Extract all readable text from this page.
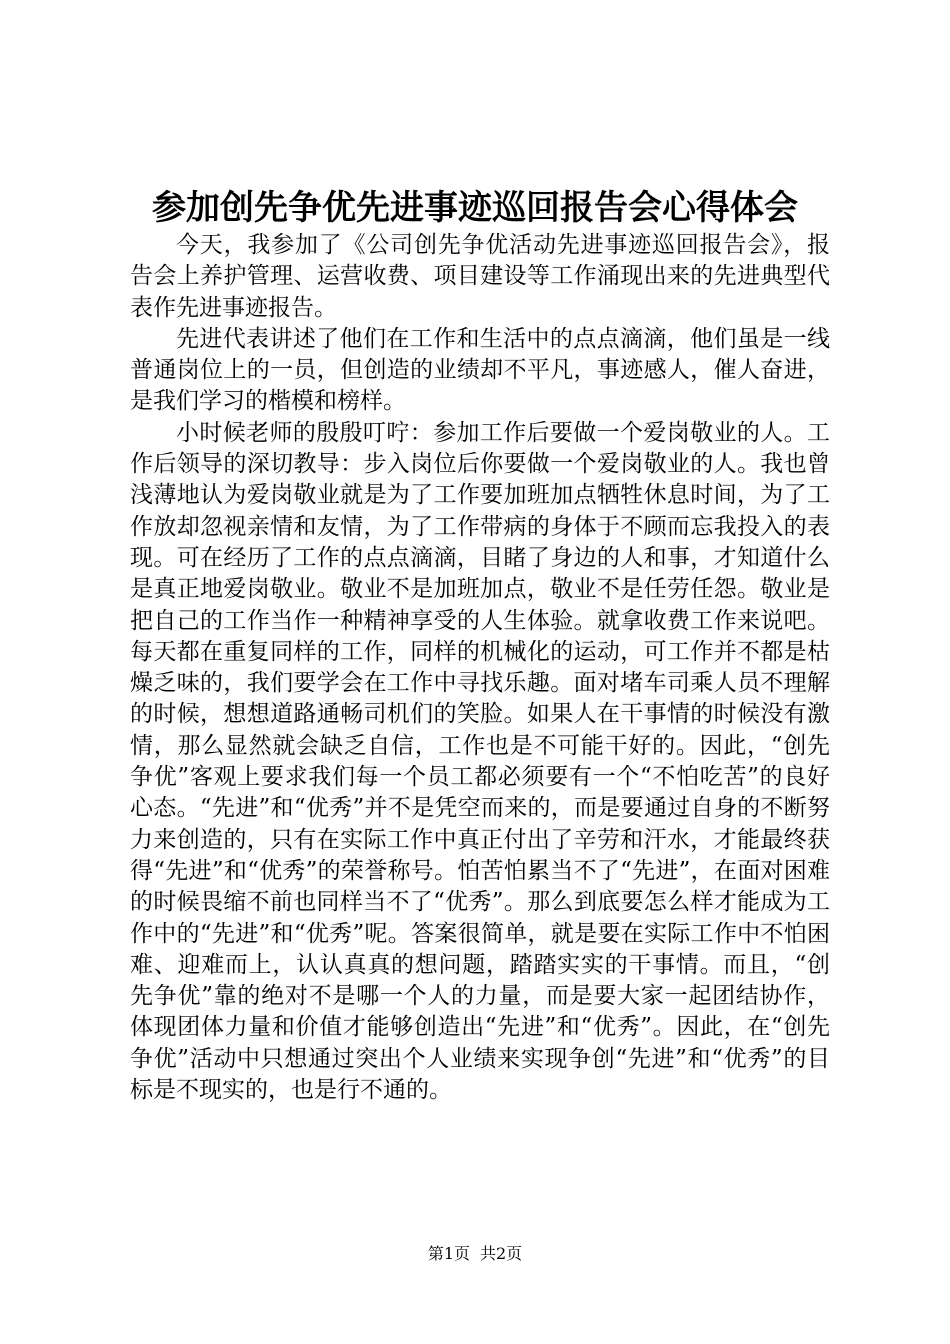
参加创先争优先进事迹巡回报告会心得体会

今天，我参加了《公司创先争优活动先进事迹巡回报告会》，报告会上养护管理、运营收费、项目建设等工作涌现出来的先进典型代表作先进事迹报告。

先进代表讲述了他们在工作和生活中的点点滴滴，他们虽是一线普通岗位上的一员，但创造的业绩却不平凡，事迹感人，催人奋进，是我们学习的楷模和榜样。

小时候老师的殷殷叮咛：参加工作后要做一个爱岗敬业的人。工作后领导的深切教导：步入岗位后你要做一个爱岗敬业的人。我也曾浅薄地认为爱岗敬业就是为了工作要加班加点牺牲休息时间，为了工作放却忽视亲情和友情，为了工作带病的身体于不顾而忘我投入的表现。可在经历了工作的点点滴滴，目睹了身边的人和事，才知道什么是真正地爱岗敬业。敬业不是加班加点，敬业不是任劳任怨。敬业是把自己的工作当作一种精神享受的人生体验。就拿收费工作来说吧。每天都在重复同样的工作，同样的机械化的运动，可工作并不都是枯燥乏味的，我们要学会在工作中寻找乐趣。面对堵车司乘人员不理解的时候，想想道路通畅司机们的笑脸。如果人在干事情的时候没有激情，那么显然就会缺乏自信，工作也是不可能干好的。因此，“创先争优”客观上要求我们每一个员工都必须要有一个“不怕吃苦”的良好心态。“先进”和“优秀”并不是凭空而来的，而是要通过自身的不断努力来创造的，只有在实际工作中真正付出了辛劳和汗水，才能最终获得“先进”和“优秀”的荣誉称号。怕苦怕累当不了“先进”，在面对困难的时候畏缩不前也同样当不了“优秀”。那么到底要怎么样才能成为工作中的“先进”和“优秀”呢。答案很简单，就是要在实际工作中不怕困难、迎难而上，认认真真的想问题，踏踏实实的干事情。而且，“创先争优”靠的绝对不是哪一个人的力量，而是要大家一起团结协作，体现团体力量和价值才能够创造出“先进”和“优秀”。因此，在“创先争优”活动中只想通过突出个人业绩来实现争创“先进”和“优秀”的目标是不现实的，也是行不通的。

第1页 共2页
